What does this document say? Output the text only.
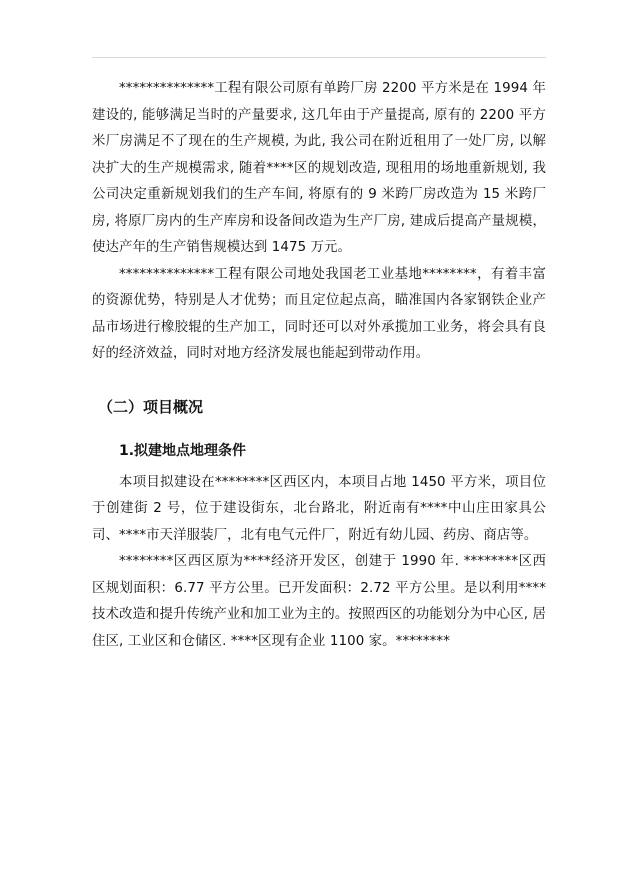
**************工程有限公司原有单跨厂房 2200 平方米是在 1994 年建设的, 能够满足当时的产量要求, 这几年由于产量提高, 原有的 2200 平方米厂房满足不了现在的生产规模, 为此, 我公司在附近租用了一处厂房, 以解决扩大的生产规模需求, 随着****区的规划改造, 现租用的场地重新规划, 我公司决定重新规划我们的生产车间, 将原有的 9 米跨厂房改造为 15 米跨厂房, 将原厂房内的生产库房和设备间改造为生产厂房, 建成后提高产量规模，使达产年的生产销售规模达到 1475 万元。

**************工程有限公司地处我国老工业基地********，有着丰富的资源优势，特别是人才优势；而且定位起点高，瞄准国内各家钢铁企业产品市场进行橡胶辊的生产加工，同时还可以对外承揽加工业务，将会具有良好的经济效益，同时对地方经济发展也能起到带动作用。

（二）项目概况
1.拟建地点地理条件

本项目拟建设在********区西区内，本项目占地 1450 平方米，项目位于创建街 2 号，位于建设街东，北台路北，附近南有****中山庄田家具公司、****市天洋服装厂，北有电气元件厂，附近有幼儿园、药房、商店等。

********区西区原为****经济开发区，创建于 1990 年. ********区西区规划面积：6.77 平方公里。已开发面积：2.72 平方公里。是以利用****技术改造和提升传统产业和加工业为主的。按照西区的功能划分为中心区, 居住区, 工业区和仓储区. ****区现有企业 1100 家。********
